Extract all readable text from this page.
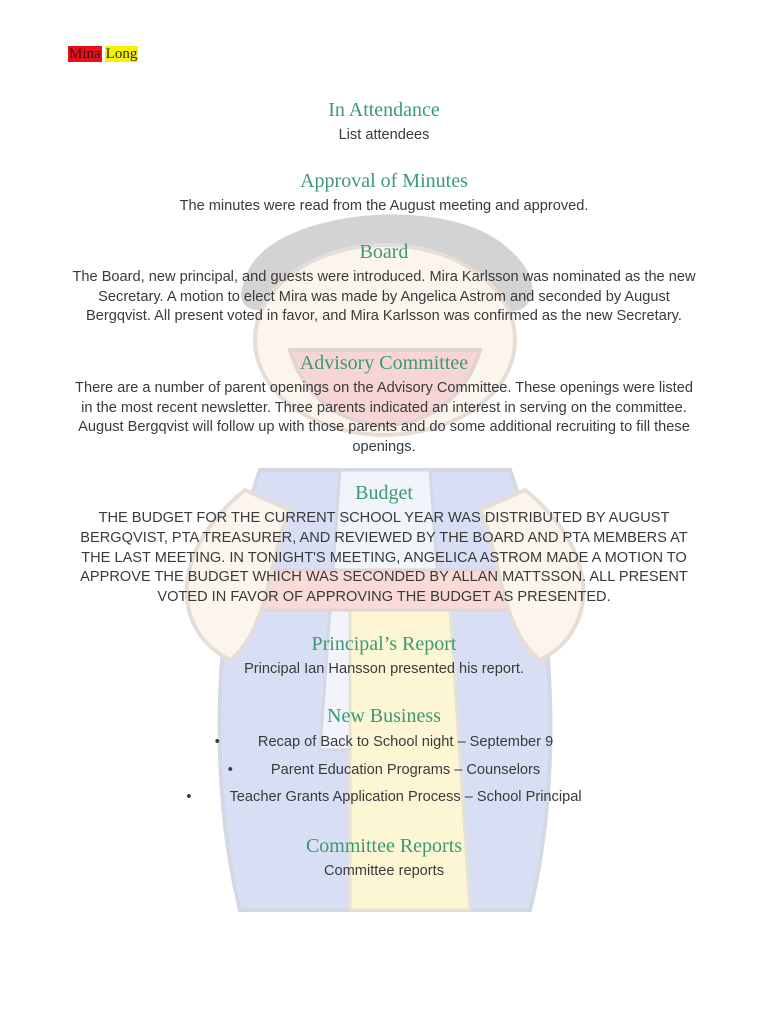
Mina Long
In Attendance

List attendees

Approval of Minutes

The minutes were read from the August meeting and approved.

Board

The Board, new principal, and guests were introduced. Mira Karlsson was nominated as the new Secretary. A motion to elect Mira was made by Angelica Astrom and seconded by August Bergqvist. All present voted in favor, and Mira Karlsson was confirmed as the new Secretary.

Advisory Committee

There are a number of parent openings on the Advisory Committee. These openings were listed in the most recent newsletter. Three parents indicated an interest in serving on the committee. August Bergqvist will follow up with those parents and do some additional recruiting to fill these openings.

Budget

THE BUDGET FOR THE CURRENT SCHOOL YEAR WAS DISTRIBUTED BY AUGUST BERGQVIST, PTA TREASURER, AND REVIEWED BY THE BOARD AND PTA MEMBERS AT THE LAST MEETING. IN TONIGHT'S MEETING, ANGELICA ASTROM MADE A MOTION TO APPROVE THE BUDGET WHICH WAS SECONDED BY ALLAN MATTSSON. ALL PRESENT VOTED IN FAVOR OF APPROVING THE BUDGET AS PRESENTED.

Principal’s Report

Principal Ian Hansson presented his report.

New Business
•	Recap of Back to School night – September 9
•	Parent Education Programs – Counselors
•	Teacher Grants Application Process – School Principal
Committee Reports

Committee reports
